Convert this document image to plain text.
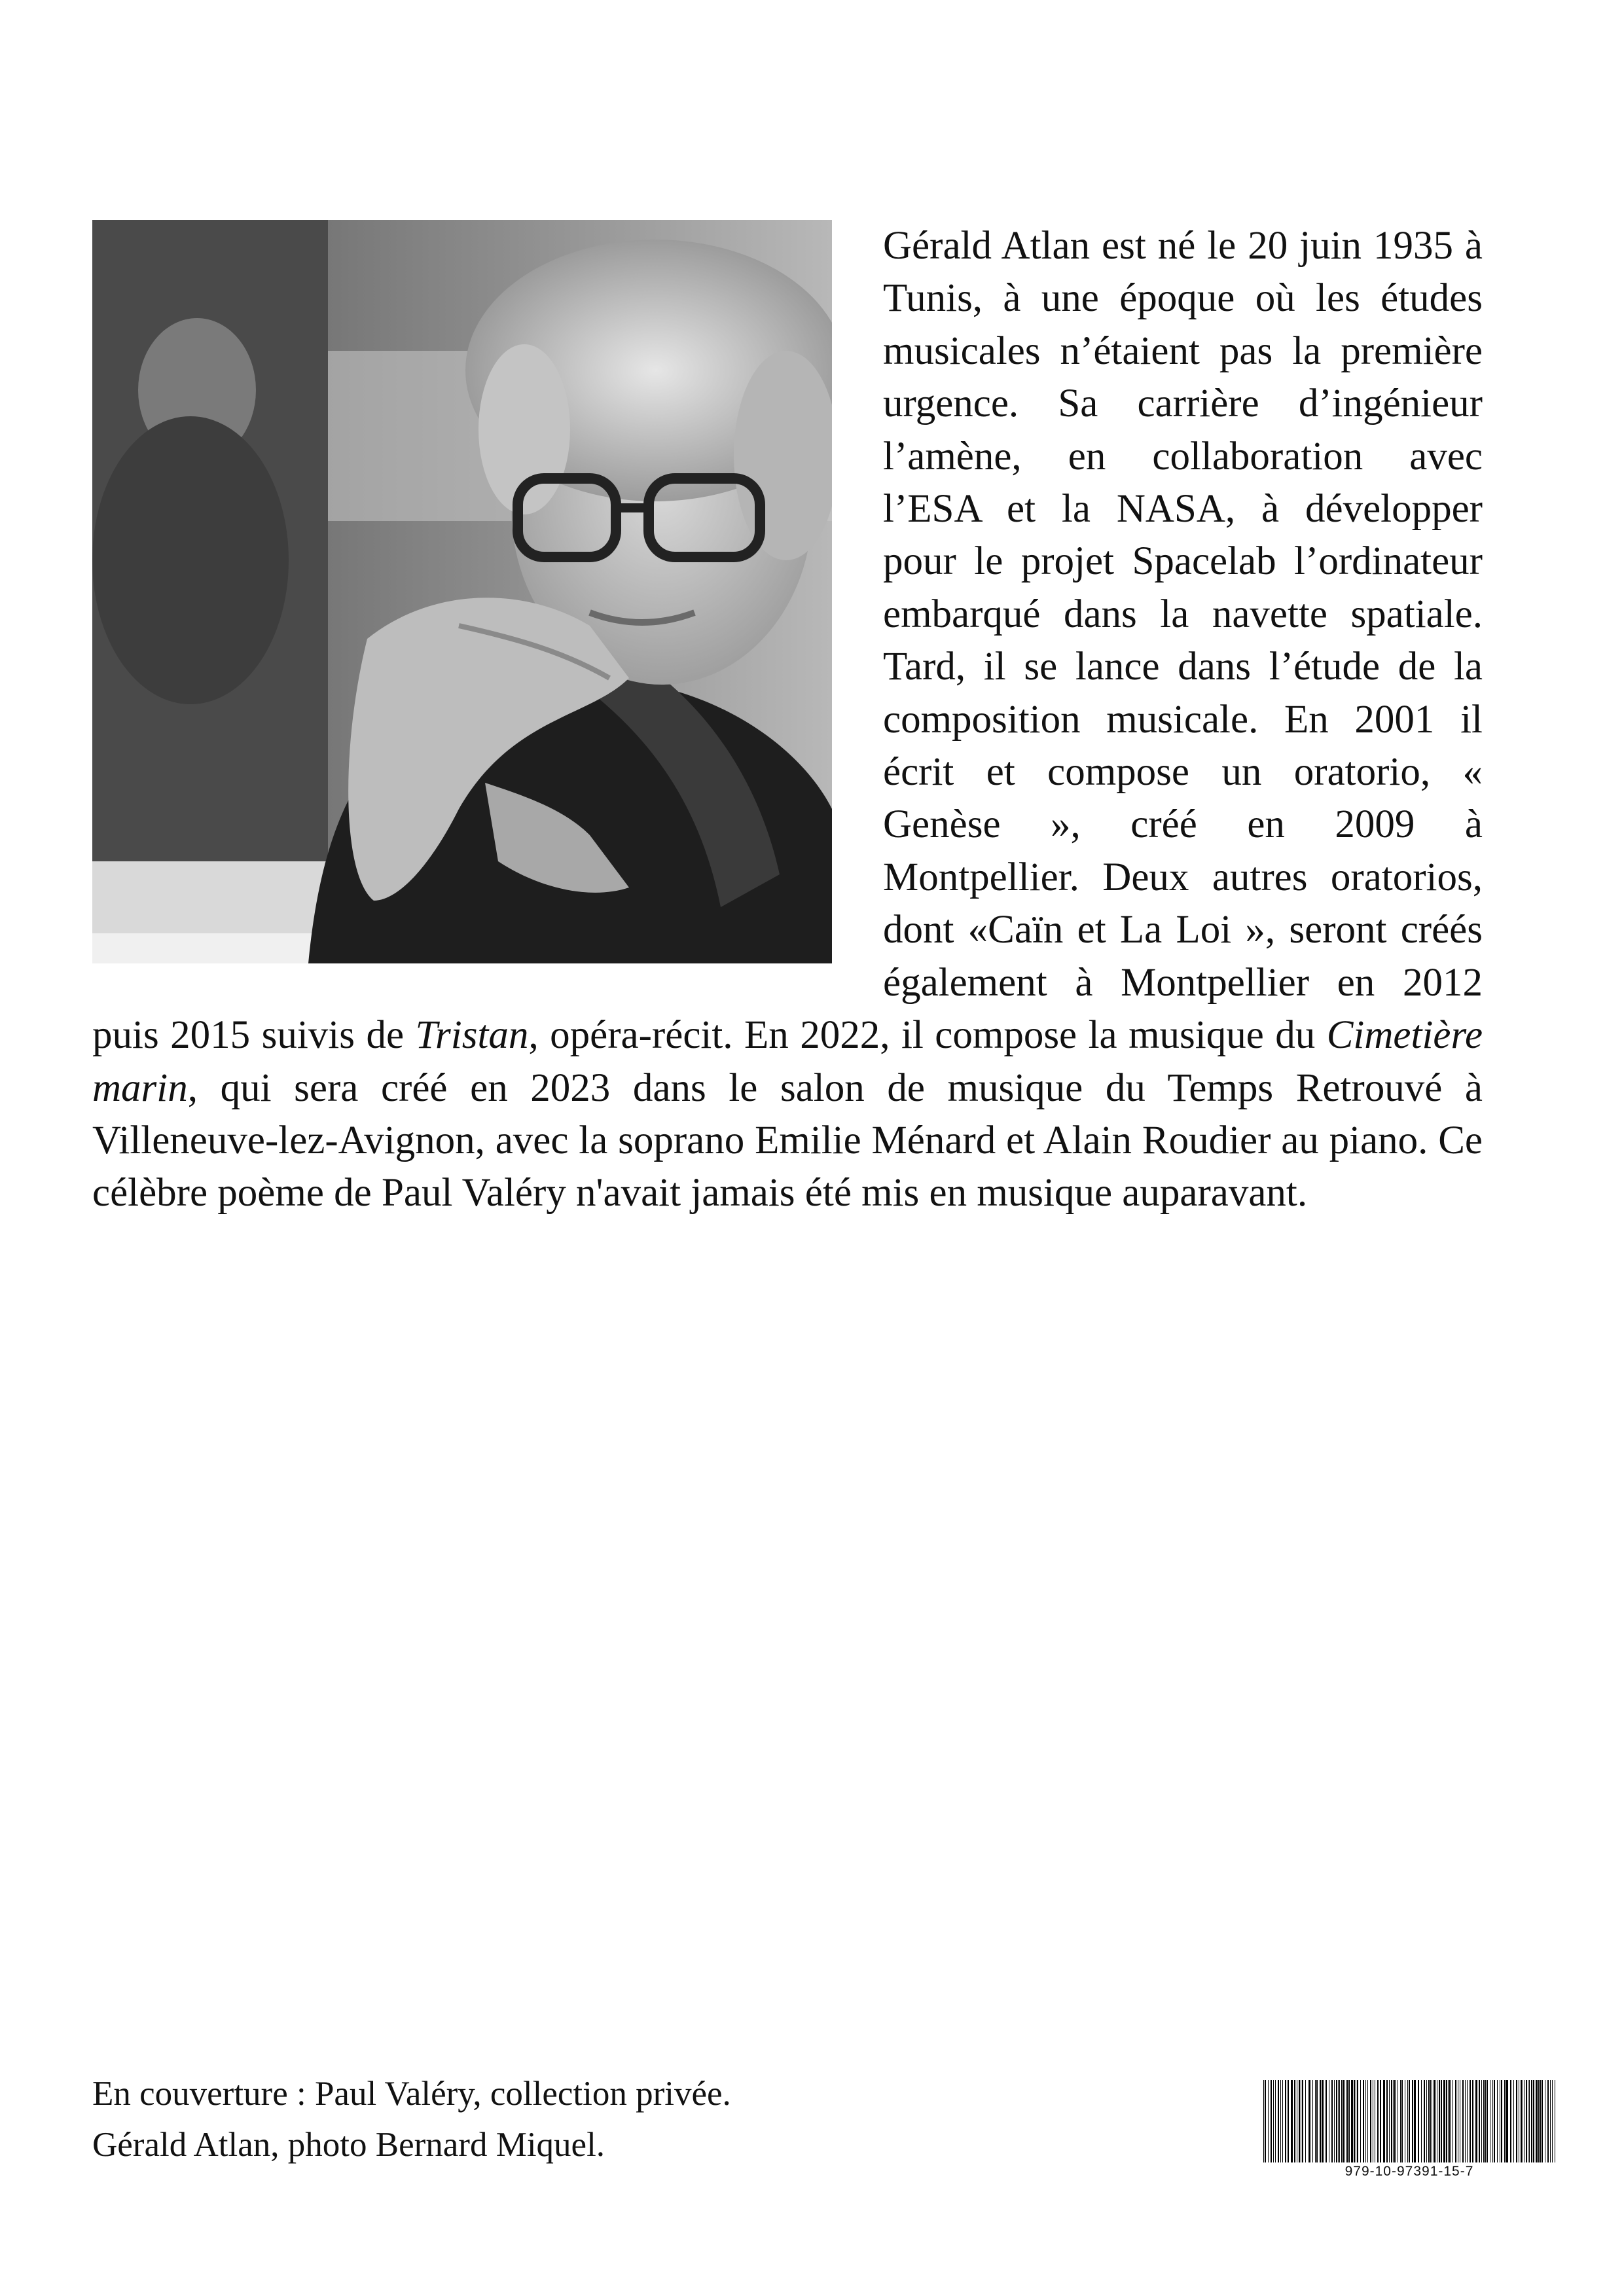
Gérald Atlan est né le 20 juin 1935 à Tunis, à une époque où les études musicales n’étaient pas la première urgence. Sa carrière d’ingénieur l’amène, en collaboration avec l’ESA et la NASA, à développer pour le projet Spacelab l’ordinateur embarqué dans la navette spatiale. Tard, il se lance dans l’étude de la composition musicale. En 2001 il écrit et compose un oratorio, « Genèse », créé en 2009 à Montpellier. Deux autres oratorios, dont «Caïn et La Loi », seront créés également à Montpellier en 2012 puis 2015 suivis de Tristan, opéra-récit. En 2022, il compose la musique du Cimetière marin, qui sera créé en 2023 dans le salon de musique du Temps Retrouvé à Villeneuve-lez-Avignon, avec la soprano Emilie Ménard et Alain Roudier au piano. Ce célèbre poème de Paul Valéry n'avait jamais été mis en musique auparavant.
En couverture : Paul Valéry, collection privée.
Gérald Atlan, photo Bernard Miquel.
979-10-97391-15-7
